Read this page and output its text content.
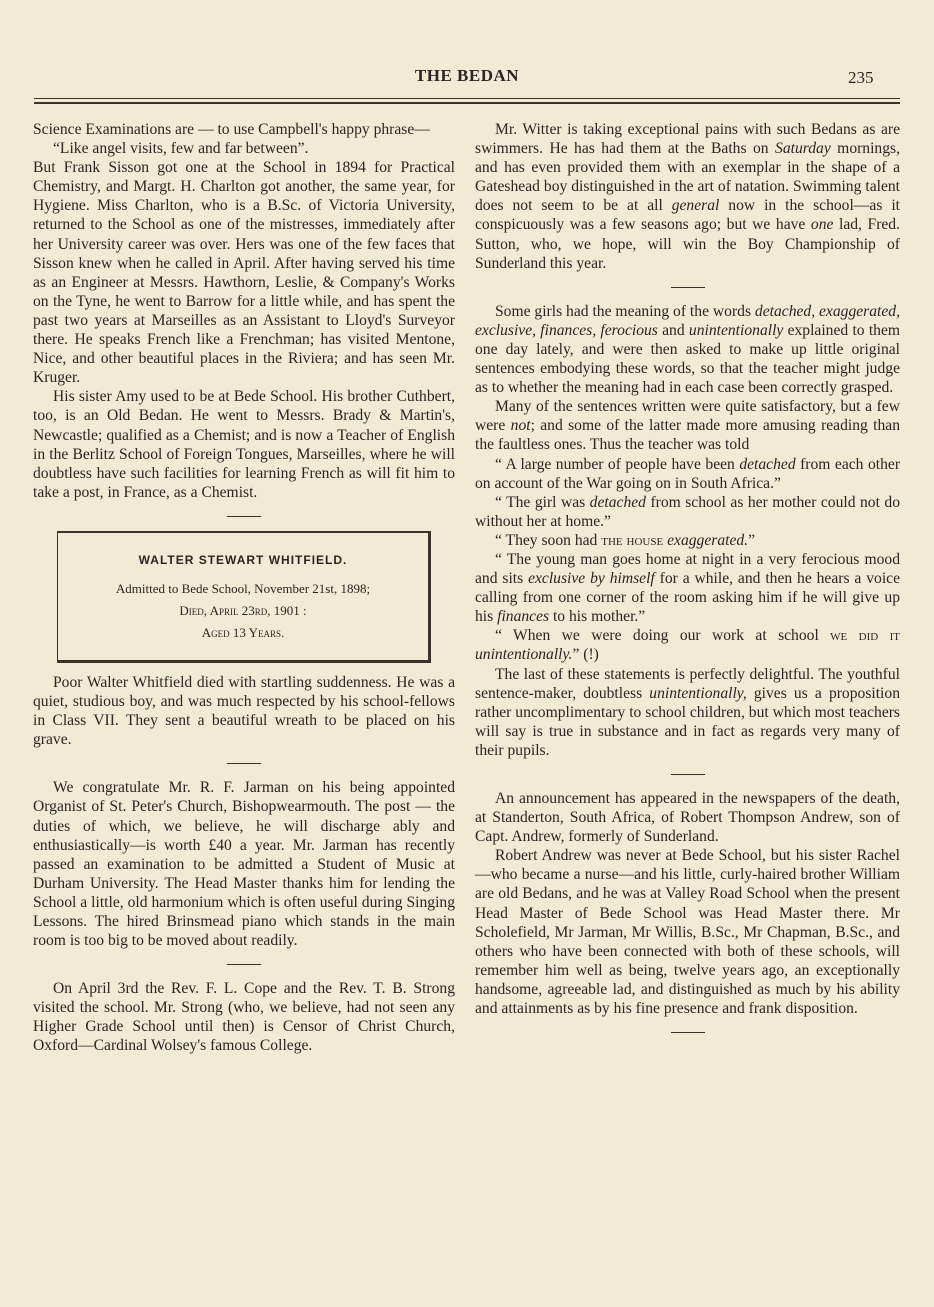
THE BEDAN	235

Science Examinations are — to use Campbell's happy phrase—

“Like angel visits, few and far between”.

But Frank Sisson got one at the School in 1894 for Practical Chemistry, and Margt. H. Charlton got another, the same year, for Hygiene. Miss Charlton, who is a B.Sc. of Victoria University, returned to the School as one of the mistresses, immediately after her University career was over. Hers was one of the few faces that Sisson knew when he called in April. After having served his time as an Engineer at Messrs. Hawthorn, Leslie, & Company's Works on the Tyne, he went to Barrow for a little while, and has spent the past two years at Marseilles as an Assistant to Lloyd's Surveyor there. He speaks French like a Frenchman; has visited Mentone, Nice, and other beautiful places in the Riviera; and has seen Mr. Kruger.

His sister Amy used to be at Bede School. His brother Cuthbert, too, is an Old Bedan. He went to Messrs. Brady & Martin's, Newcastle; qualified as a Chemist; and is now a Teacher of English in the Berlitz School of Foreign Tongues, Marseilles, where he will doubtless have such facilities for learning French as will fit him to take a post, in France, as a Chemist.

WALTER STEWART WHITFIELD.
Admitted to Bede School, November 21st, 1898;
Died, April 23rd, 1901 :
Aged 13 Years.

Poor Walter Whitfield died with startling suddenness. He was a quiet, studious boy, and was much respected by his school-fellows in Class VII. They sent a beautiful wreath to be placed on his grave.

We congratulate Mr. R. F. Jarman on his being appointed Organist of St. Peter's Church, Bishopwearmouth. The post — the duties of which, we believe, he will discharge ably and enthusiastically—is worth £40 a year. Mr. Jarman has recently passed an examination to be admitted a Student of Music at Durham University. The Head Master thanks him for lending the School a little, old harmonium which is often useful during Singing Lessons. The hired Brinsmead piano which stands in the main room is too big to be moved about readily.

On April 3rd the Rev. F. L. Cope and the Rev. T. B. Strong visited the school. Mr. Strong (who, we believe, had not seen any Higher Grade School until then) is Censor of Christ Church, Oxford—Cardinal Wolsey's famous College.

Mr. Witter is taking exceptional pains with such Bedans as are swimmers. He has had them at the Baths on Saturday mornings, and has even provided them with an exemplar in the shape of a Gateshead boy distinguished in the art of natation. Swimming talent does not seem to be at all general now in the school—as it conspicuously was a few seasons ago; but we have one lad, Fred. Sutton, who, we hope, will win the Boy Championship of Sunderland this year.

Some girls had the meaning of the words detached, exaggerated, exclusive, finances, ferocious and unintentionally explained to them one day lately, and were then asked to make up little original sentences embodying these words, so that the teacher might judge as to whether the meaning had in each case been correctly grasped.

Many of the sentences written were quite satisfactory, but a few were not; and some of the latter made more amusing reading than the faultless ones. Thus the teacher was told

“ A large number of people have been detached from each other on account of the War going on in South Africa.”

“ The girl was detached from school as her mother could not do without her at home.”

“ They soon had the house exaggerated.”

“ The young man goes home at night in a very ferocious mood and sits exclusive by himself for a while, and then he hears a voice calling from one corner of the room asking him if he will give up his finances to his mother.”

“ When we were doing our work at school we did it unintentionally.” (!)

The last of these statements is perfectly delightful. The youthful sentence-maker, doubtless unintentionally, gives us a proposition rather uncomplimentary to school children, but which most teachers will say is true in substance and in fact as regards very many of their pupils.

An announcement has appeared in the newspapers of the death, at Standerton, South Africa, of Robert Thompson Andrew, son of Capt. Andrew, formerly of Sunderland.

Robert Andrew was never at Bede School, but his sister Rachel—who became a nurse—and his little, curly-haired brother William are old Bedans, and he was at Valley Road School when the present Head Master of Bede School was Head Master there. Mr Scholefield, Mr Jarman, Mr Willis, B.Sc., Mr Chapman, B.Sc., and others who have been connected with both of these schools, will remember him well as being, twelve years ago, an exceptionally handsome, agreeable lad, and distinguished as much by his ability and attainments as by his fine presence and frank disposition.
